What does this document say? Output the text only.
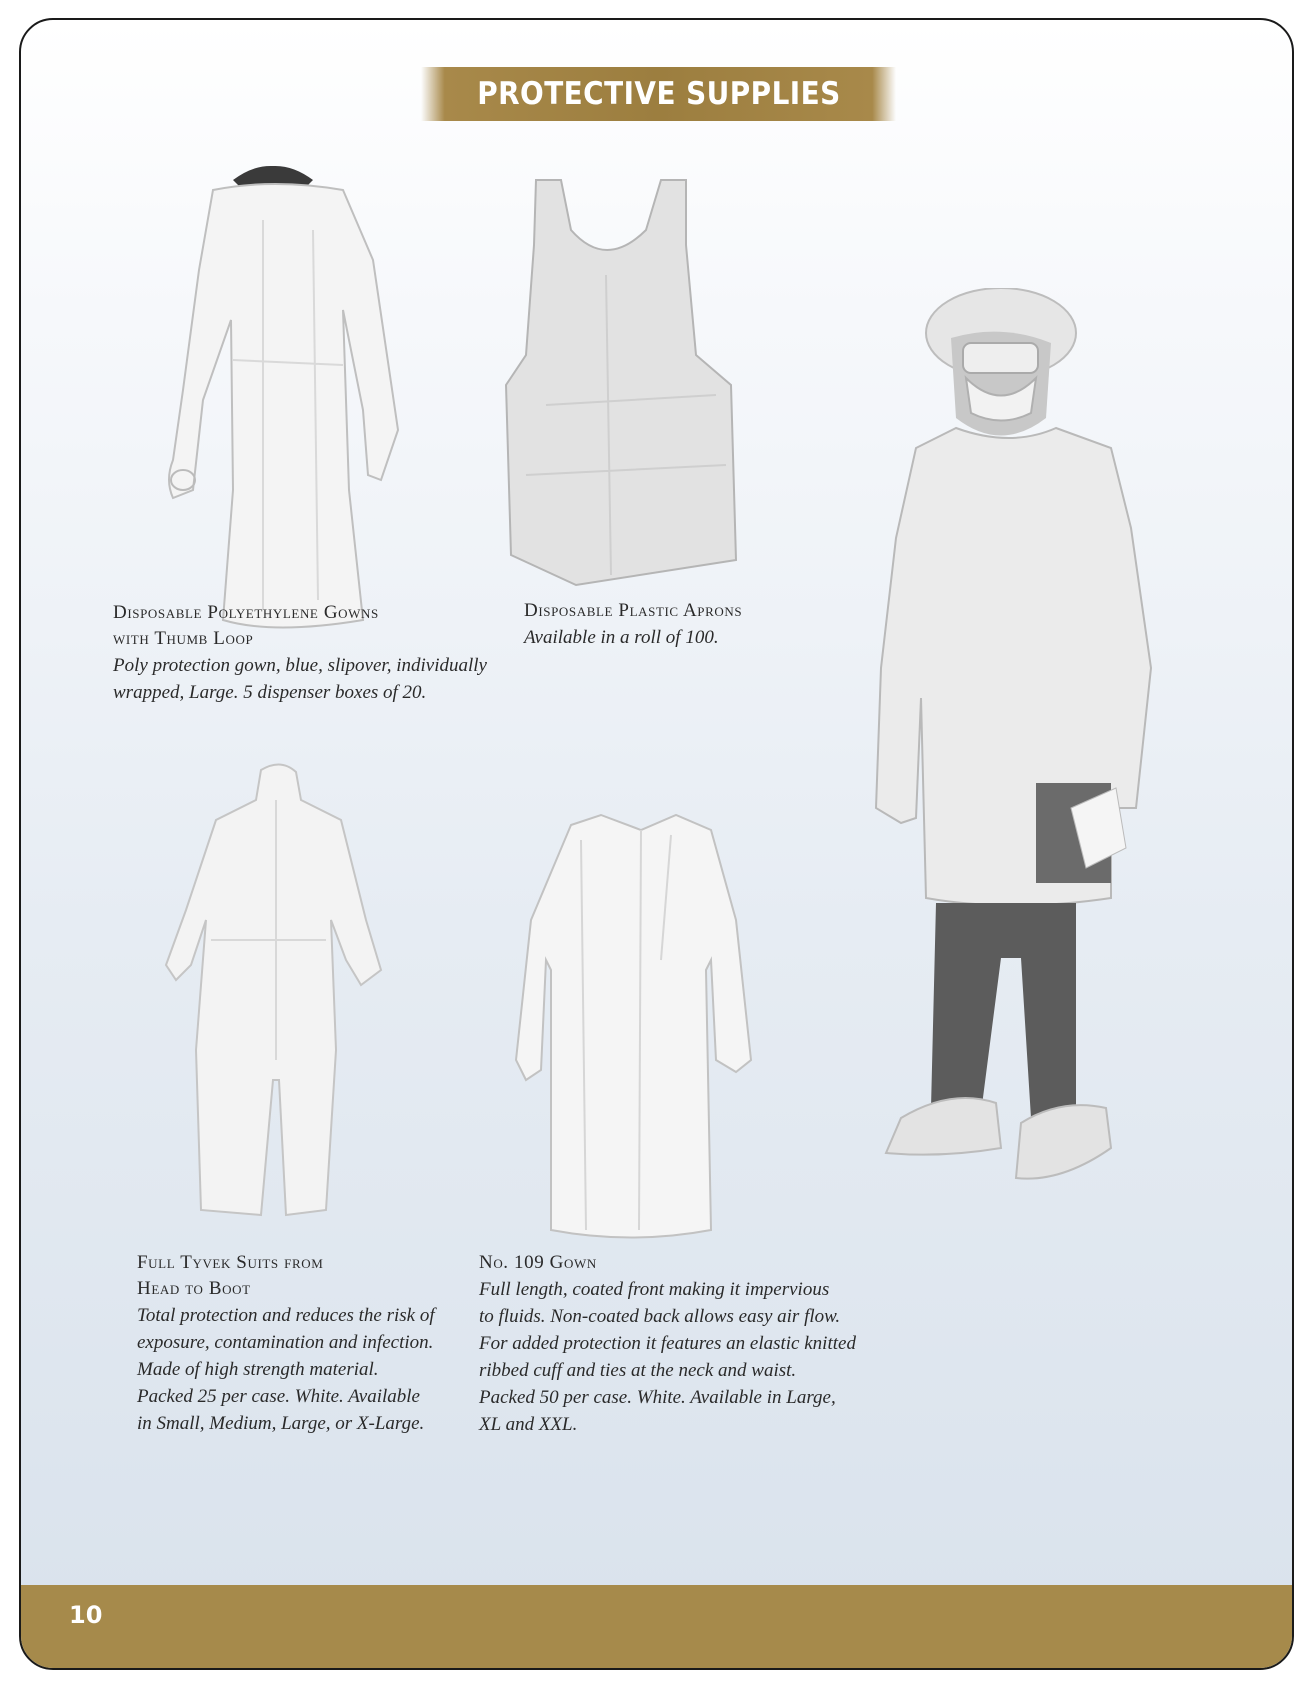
PROTECTIVE SUPPLIES
Disposable Polyethylene Gowns
with Thumb Loop
Poly protection gown, blue, slipover, individually
wrapped, Large. 5 dispenser boxes of 20.
Disposable Plastic Aprons
Available in a roll of 100.
Full Tyvek Suits from
Head to Boot
Total protection and reduces the risk of
exposure, contamination and infection.
Made of high strength material.
Packed 25 per case. White. Available
in Small, Medium, Large, or X-Large.
No. 109 Gown
Full length, coated front making it impervious
to fluids. Non-coated back allows easy air flow.
For added protection it features an elastic knitted
ribbed cuff and ties at the neck and waist.
Packed 50 per case. White. Available in Large,
XL and XXL.
10
